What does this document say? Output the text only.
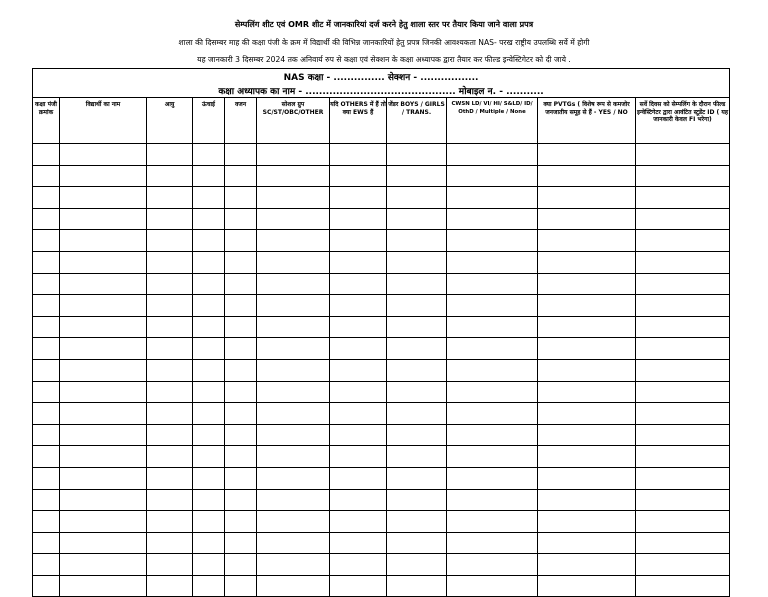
सेम्पलिंग शीट एवं OMR शीट में जानकारियां दर्ज करने हेतु शाला स्तर पर तैयार किया जाने वाला प्रपत्र
शाला की दिसम्बर माह की कक्षा पंजी के क्रम में विद्यार्थी की विभिन्न जानकारियों हेतु प्रपत्र जिनकी आवश्यकता NAS- परख राष्ट्रीय उपलब्धि सर्वे में होगी
यह जानकारी 3 दिसम्बर 2024 तक अनिवार्य रुप से कक्षा एवं सेक्शन के कक्षा अध्यापक द्वारा तैयार कर फील्ड इन्वेस्टिगेटर को दी जाये .
NAS कक्षा - ............... सेक्शन - .................										
कक्षा अध्यापक का नाम - ............................................ मोबाइल न. - ...........										
कक्षा पंजी क्रमांक	विद्यार्थी का नाम	आयु	ऊंचाई	वजन	सोशल ग्रुप SC/ST/OBC/OTHER	यदि OTHERS में हैं तो क्या EWS हैं	जेंडर BOYS / GIRLS / TRANS.	CWSN LD/ VI/ HI/ S&LD/ ID/ OthD / Multiple / None	क्या PVTGs ( विशेष रूप से कमजोर जनजातीय समूह से हैं - YES / NO	सर्वे दिवस को सेम्पलिंग के दौरान फील्ड इन्वेस्टिगेटर द्वारा आवंटित स्टूडेंट ID ( यह जानकारी केवल FI भरेगा)
